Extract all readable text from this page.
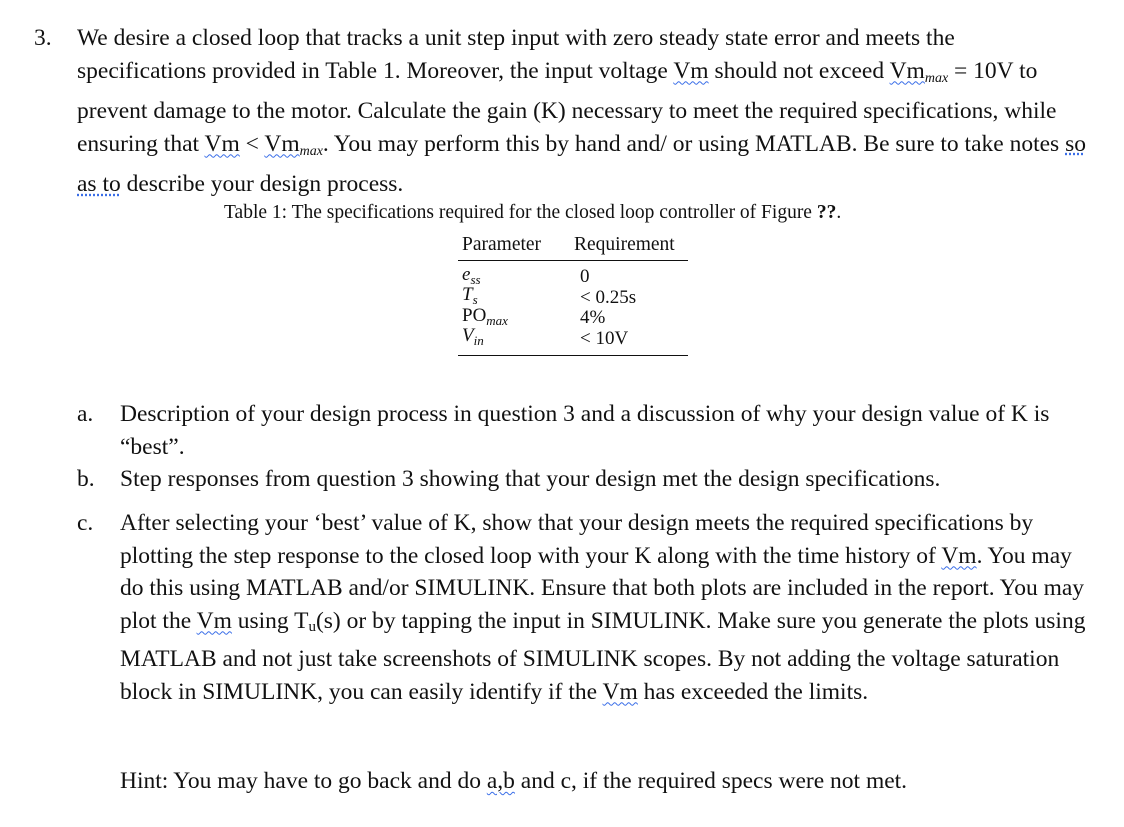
3. We desire a closed loop that tracks a unit step input with zero steady state error and meets the specifications provided in Table 1. Moreover, the input voltage Vm should not exceed $Vm_{max} = 10V$ to prevent damage to the motor. Calculate the gain (K) necessary to meet the required specifications, while ensuring that $Vm < Vm_{max}$. You may perform this by hand and/ or using MATLAB. Be sure to take notes so as to describe your design process.
Table 1: The specifications required for the closed loop controller of Figure ??.
Parameter	Requirement
$e_{ss}$	0
$T_s$	< 0.25s
$PO_{max}$	4%
$V_{in}$	< 10V
a.	Description of your design process in question 3 and a discussion of why your design value of K is “best”.
b.	Step responses from question 3 showing that your design met the design specifications.
c.	After selecting your ‘best’ value of K, show that your design meets the required specifications by plotting the step response to the closed loop with your K along with the time history of Vm. You may do this using MATLAB and/or SIMULINK. Ensure that both plots are included in the report. You may plot the Vm using $T_u(s)$ or by tapping the input in SIMULINK. Make sure you generate the plots using MATLAB and not just take screenshots of SIMULINK scopes. By not adding the voltage saturation block in SIMULINK, you can easily identify if the Vm has exceeded the limits.
Hint: You may have to go back and do a,b and c, if the required specs were not met.
